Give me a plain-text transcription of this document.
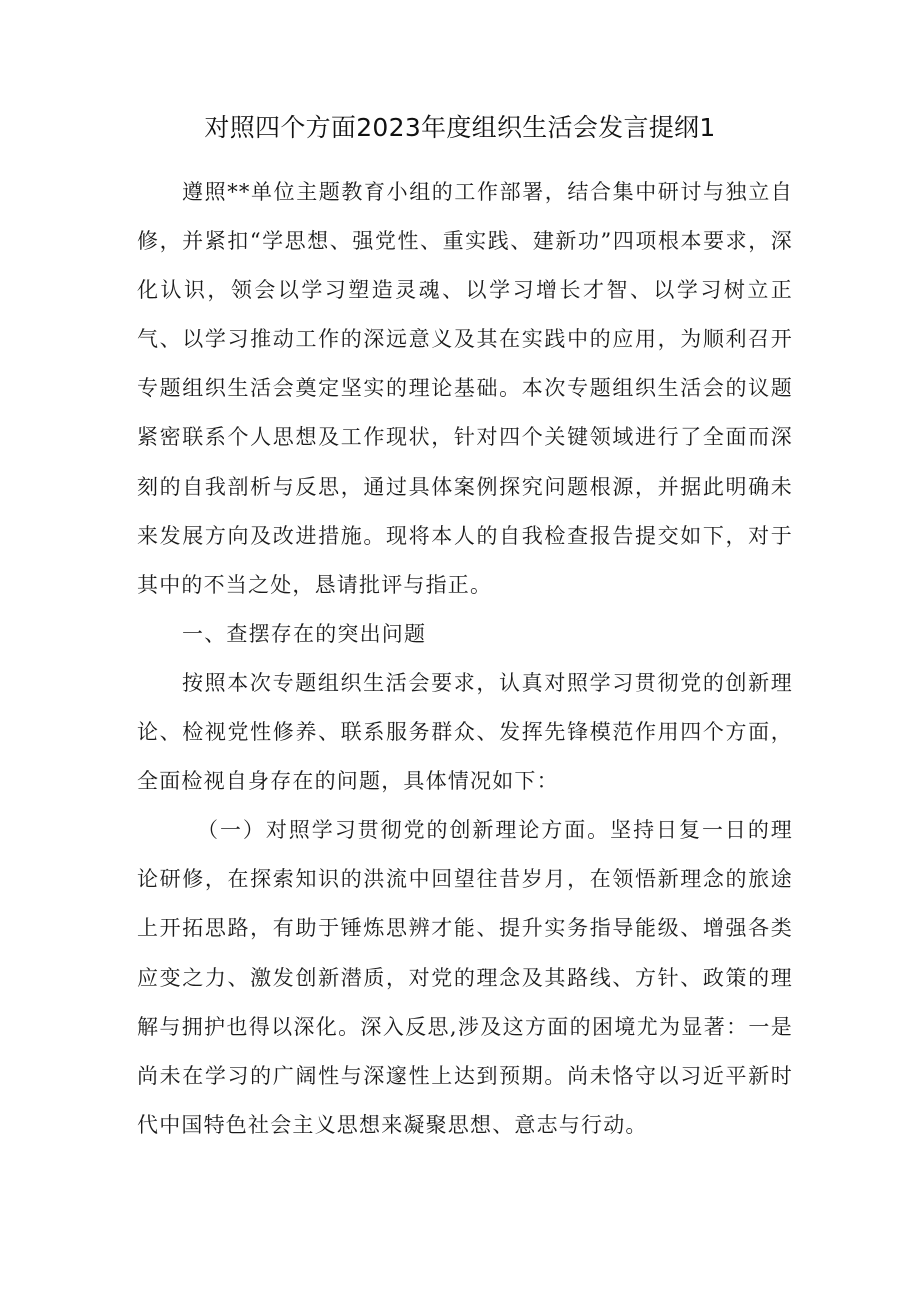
对照四个方面2023年度组织生活会发言提纲1

遵照**单位主题教育小组的工作部署，结合集中研讨与独立自修，并紧扣“学思想、强党性、重实践、建新功”四项根本要求，深化认识，领会以学习塑造灵魂、以学习增长才智、以学习树立正气、以学习推动工作的深远意义及其在实践中的应用，为顺利召开专题组织生活会奠定坚实的理论基础。本次专题组织生活会的议题紧密联系个人思想及工作现状，针对四个关键领域进行了全面而深刻的自我剖析与反思，通过具体案例探究问题根源，并据此明确未来发展方向及改进措施。现将本人的自我检查报告提交如下，对于其中的不当之处，恳请批评与指正。

一、查摆存在的突出问题

按照本次专题组织生活会要求，认真对照学习贯彻党的创新理论、检视党性修养、联系服务群众、发挥先锋模范作用四个方面，全面检视自身存在的问题，具体情况如下：

（一）对照学习贯彻党的创新理论方面。坚持日复一日的理论研修，在探索知识的洪流中回望往昔岁月，在领悟新理念的旅途上开拓思路，有助于锤炼思辨才能、提升实务指导能级、增强各类应变之力、激发创新潜质，对党的理念及其路线、方针、政策的理解与拥护也得以深化。深入反思,涉及这方面的困境尤为显著：一是尚未在学习的广阔性与深邃性上达到预期。尚未恪守以习近平新时代中国特色社会主义思想来凝聚思想、意志与行动。
